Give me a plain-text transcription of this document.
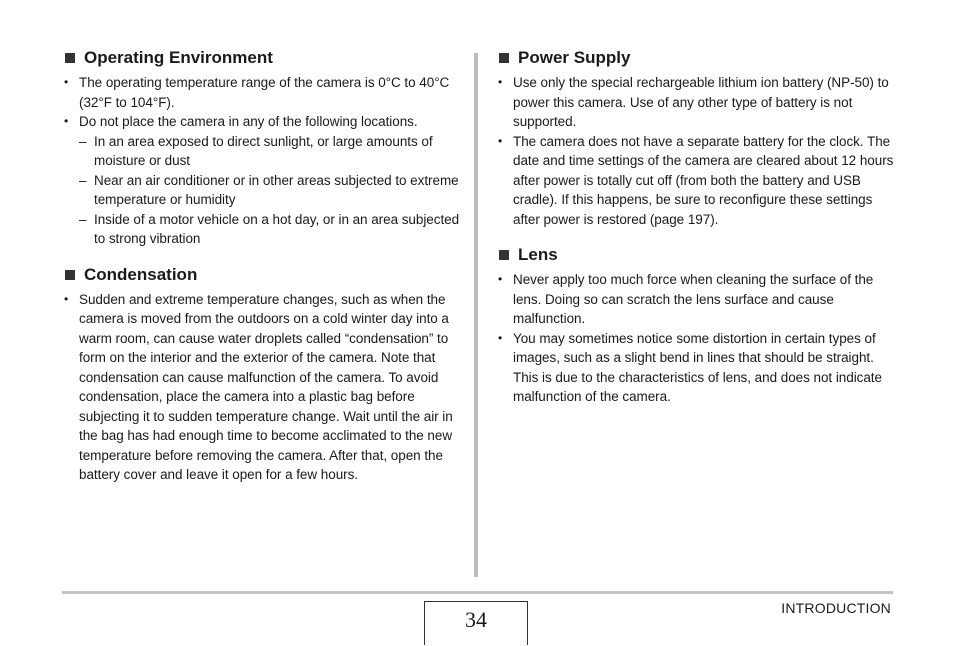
Operating Environment
• The operating temperature range of the camera is 0°C to 40°C (32°F to 104°F).
• Do not place the camera in any of the following locations.
– In an area exposed to direct sunlight, or large amounts of moisture or dust
– Near an air conditioner or in other areas subjected to extreme temperature or humidity
– Inside of a motor vehicle on a hot day, or in an area subjected to strong vibration
Condensation
• Sudden and extreme temperature changes, such as when the camera is moved from the outdoors on a cold winter day into a warm room, can cause water droplets called “condensation” to form on the interior and the exterior of the camera. Note that condensation can cause malfunction of the camera. To avoid condensation, place the camera into a plastic bag before subjecting it to sudden temperature change. Wait until the air in the bag has had enough time to become acclimated to the new temperature before removing the camera. After that, open the battery cover and leave it open for a few hours.
Power Supply
• Use only the special rechargeable lithium ion battery (NP-50) to power this camera. Use of any other type of battery is not supported.
• The camera does not have a separate battery for the clock. The date and time settings of the camera are cleared about 12 hours after power is totally cut off (from both the battery and USB cradle). If this happens, be sure to reconfigure these settings after power is restored (page 197).
Lens
• Never apply too much force when cleaning the surface of the lens. Doing so can scratch the lens surface and cause malfunction.
• You may sometimes notice some distortion in certain types of images, such as a slight bend in lines that should be straight. This is due to the characteristics of lens, and does not indicate malfunction of the camera.
INTRODUCTION
34
